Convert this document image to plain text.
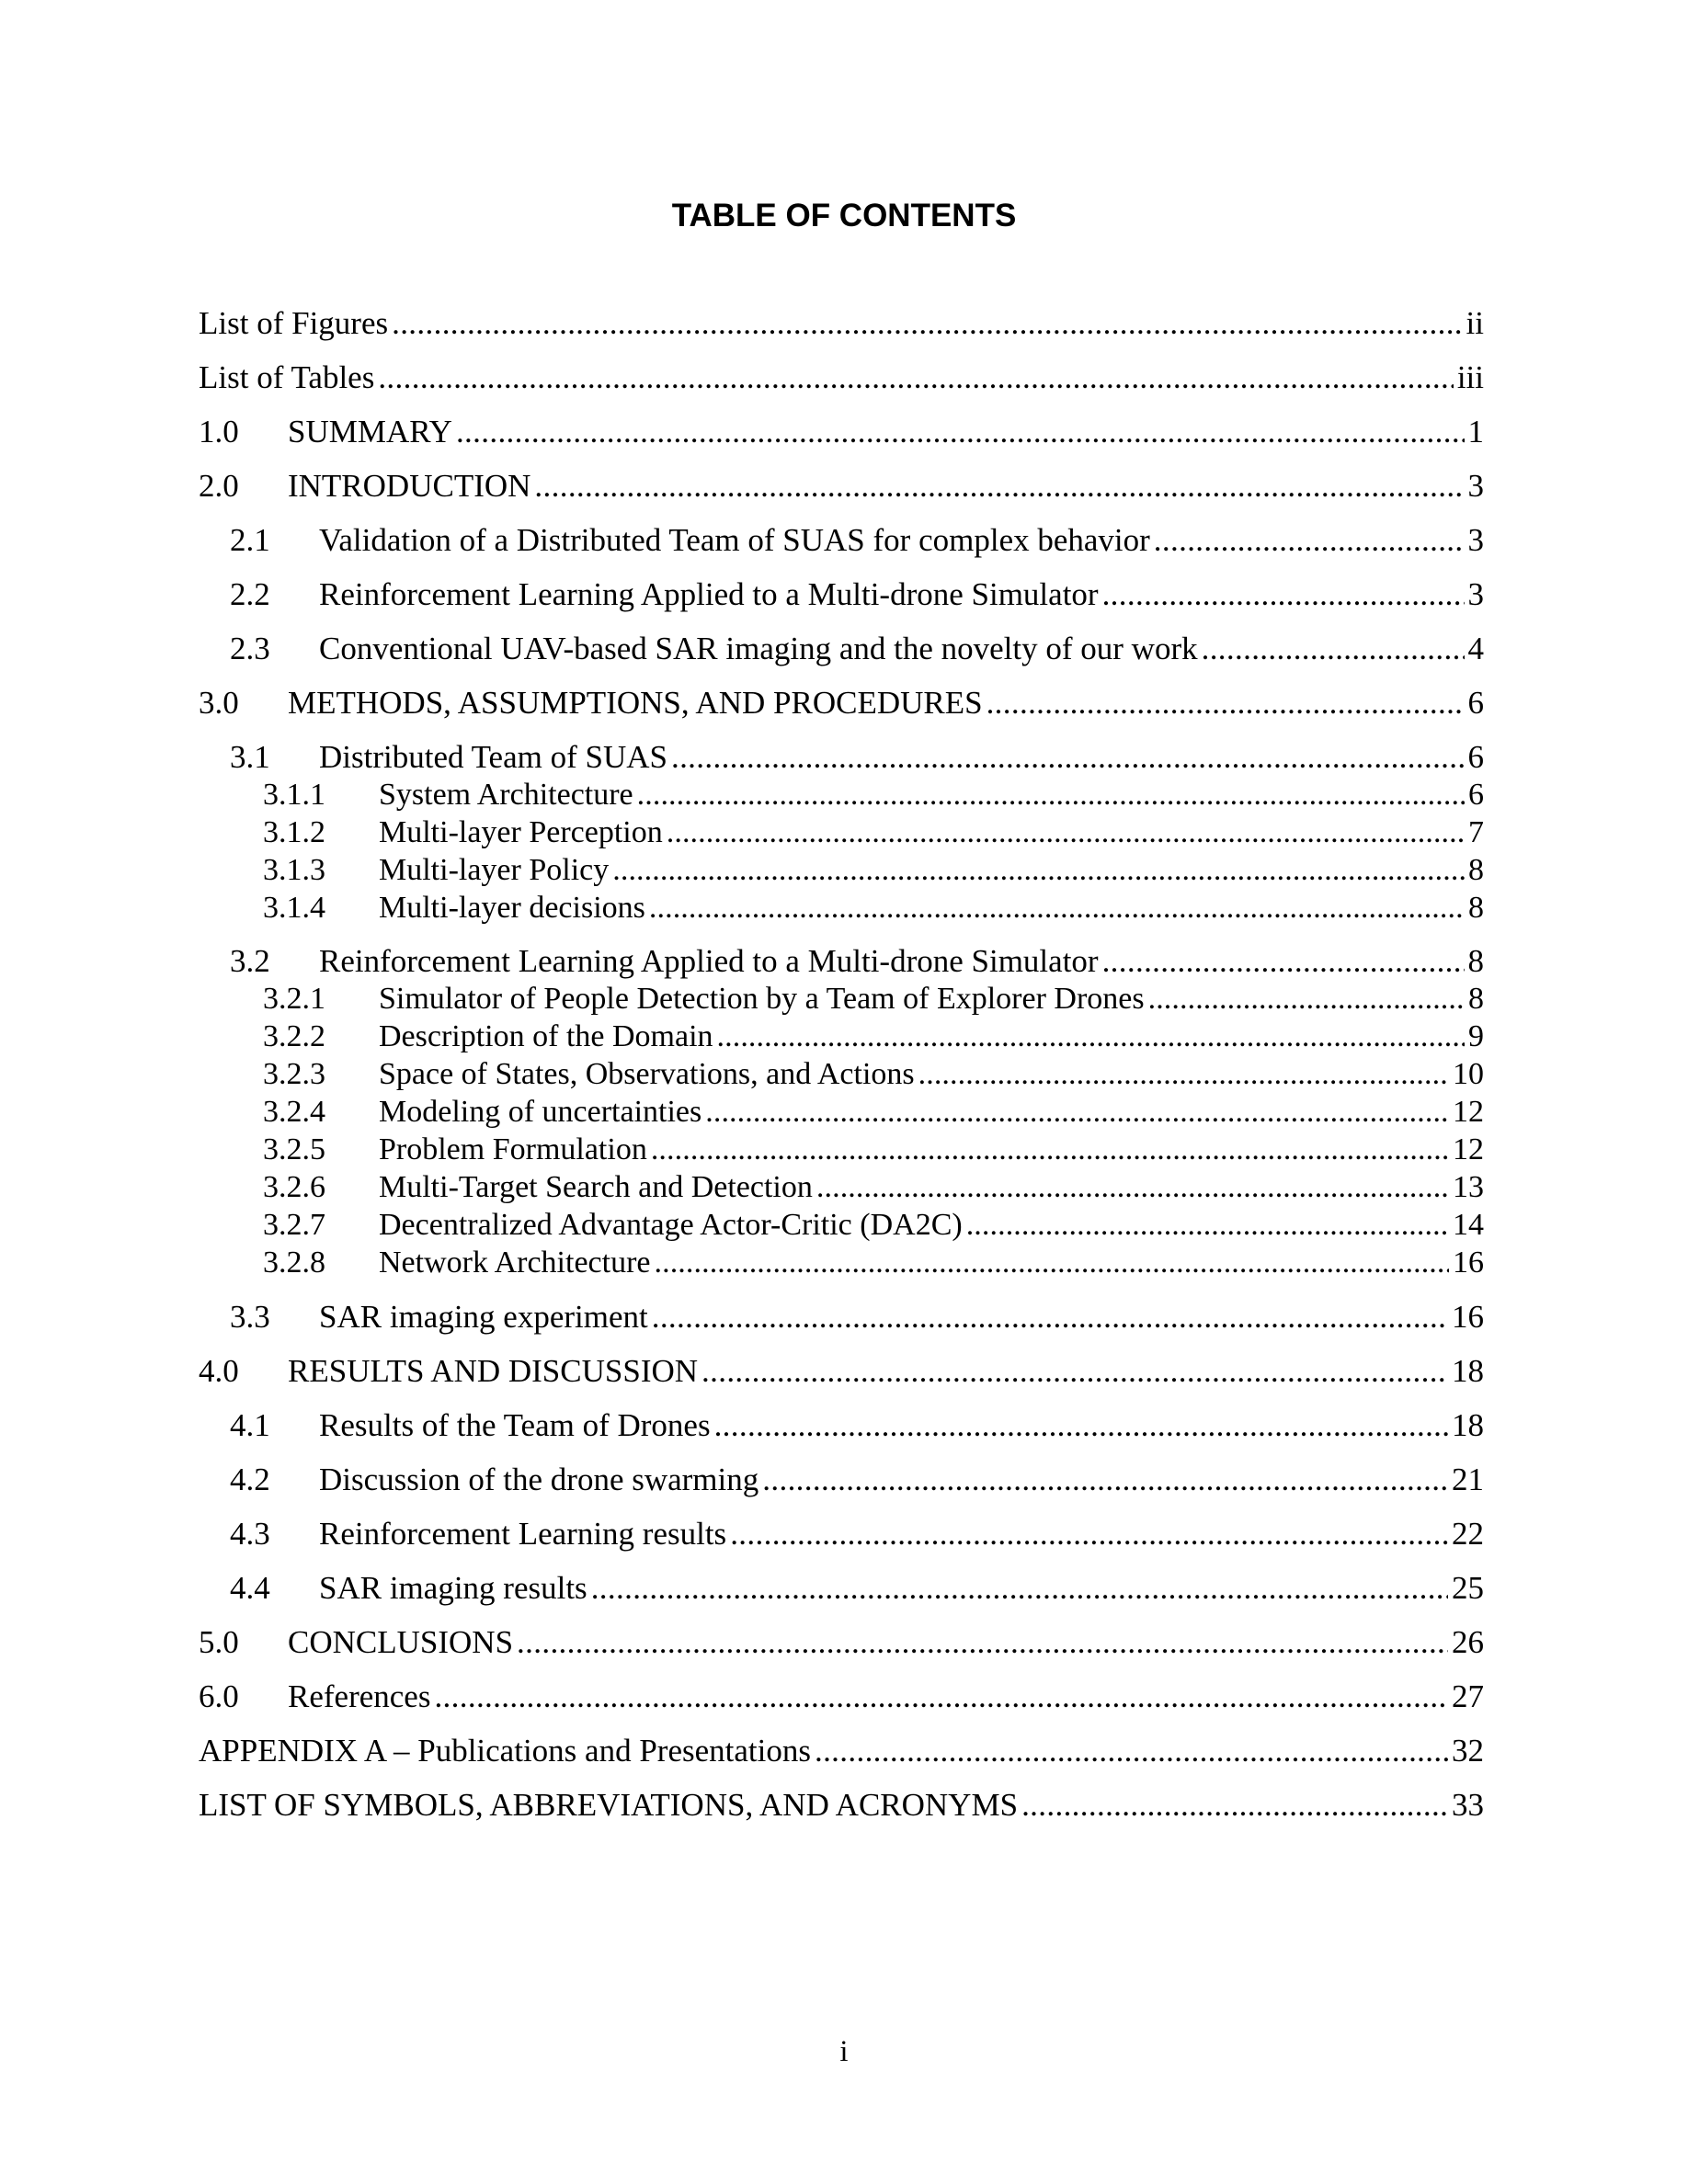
TABLE OF CONTENTS
List of Figures . . .	ii
List of Tables . . .	iii
1.0	SUMMARY . . .	1
2.0	INTRODUCTION . . .	3
2.1	Validation of a Distributed Team of SUAS for complex behavior . . .	3
2.2	Reinforcement Learning Applied to a Multi-drone Simulator . . .	3
2.3	Conventional UAV-based SAR imaging and the novelty of our work . . .	4
3.0	METHODS, ASSUMPTIONS, AND PROCEDURES . . .	6
3.1	Distributed Team of SUAS . . .	6
3.1.1	System Architecture . . .	6
3.1.2	Multi-layer Perception . . .	7
3.1.3	Multi-layer Policy . . .	8
3.1.4	Multi-layer decisions . . .	8
3.2	Reinforcement Learning Applied to a Multi-drone Simulator . . .	8
3.2.1	Simulator of People Detection by a Team of Explorer Drones . . .	8
3.2.2	Description of the Domain . . .	9
3.2.3	Space of States, Observations, and Actions . . .	10
3.2.4	Modeling of uncertainties . . .	12
3.2.5	Problem Formulation . . .	12
3.2.6	Multi-Target Search and Detection . . .	13
3.2.7	Decentralized Advantage Actor-Critic (DA2C) . . .	14
3.2.8	Network Architecture . . .	16
3.3	SAR imaging experiment . . .	16
4.0	RESULTS AND DISCUSSION . . .	18
4.1	Results of the Team of Drones . . .	18
4.2	Discussion of the drone swarming . . .	21
4.3	Reinforcement Learning results . . .	22
4.4	SAR imaging results . . .	25
5.0	CONCLUSIONS . . .	26
6.0	References . . .	27
APPENDIX A – Publications and Presentations . . .	32
LIST OF SYMBOLS, ABBREVIATIONS, AND ACRONYMS . . .	33
i
